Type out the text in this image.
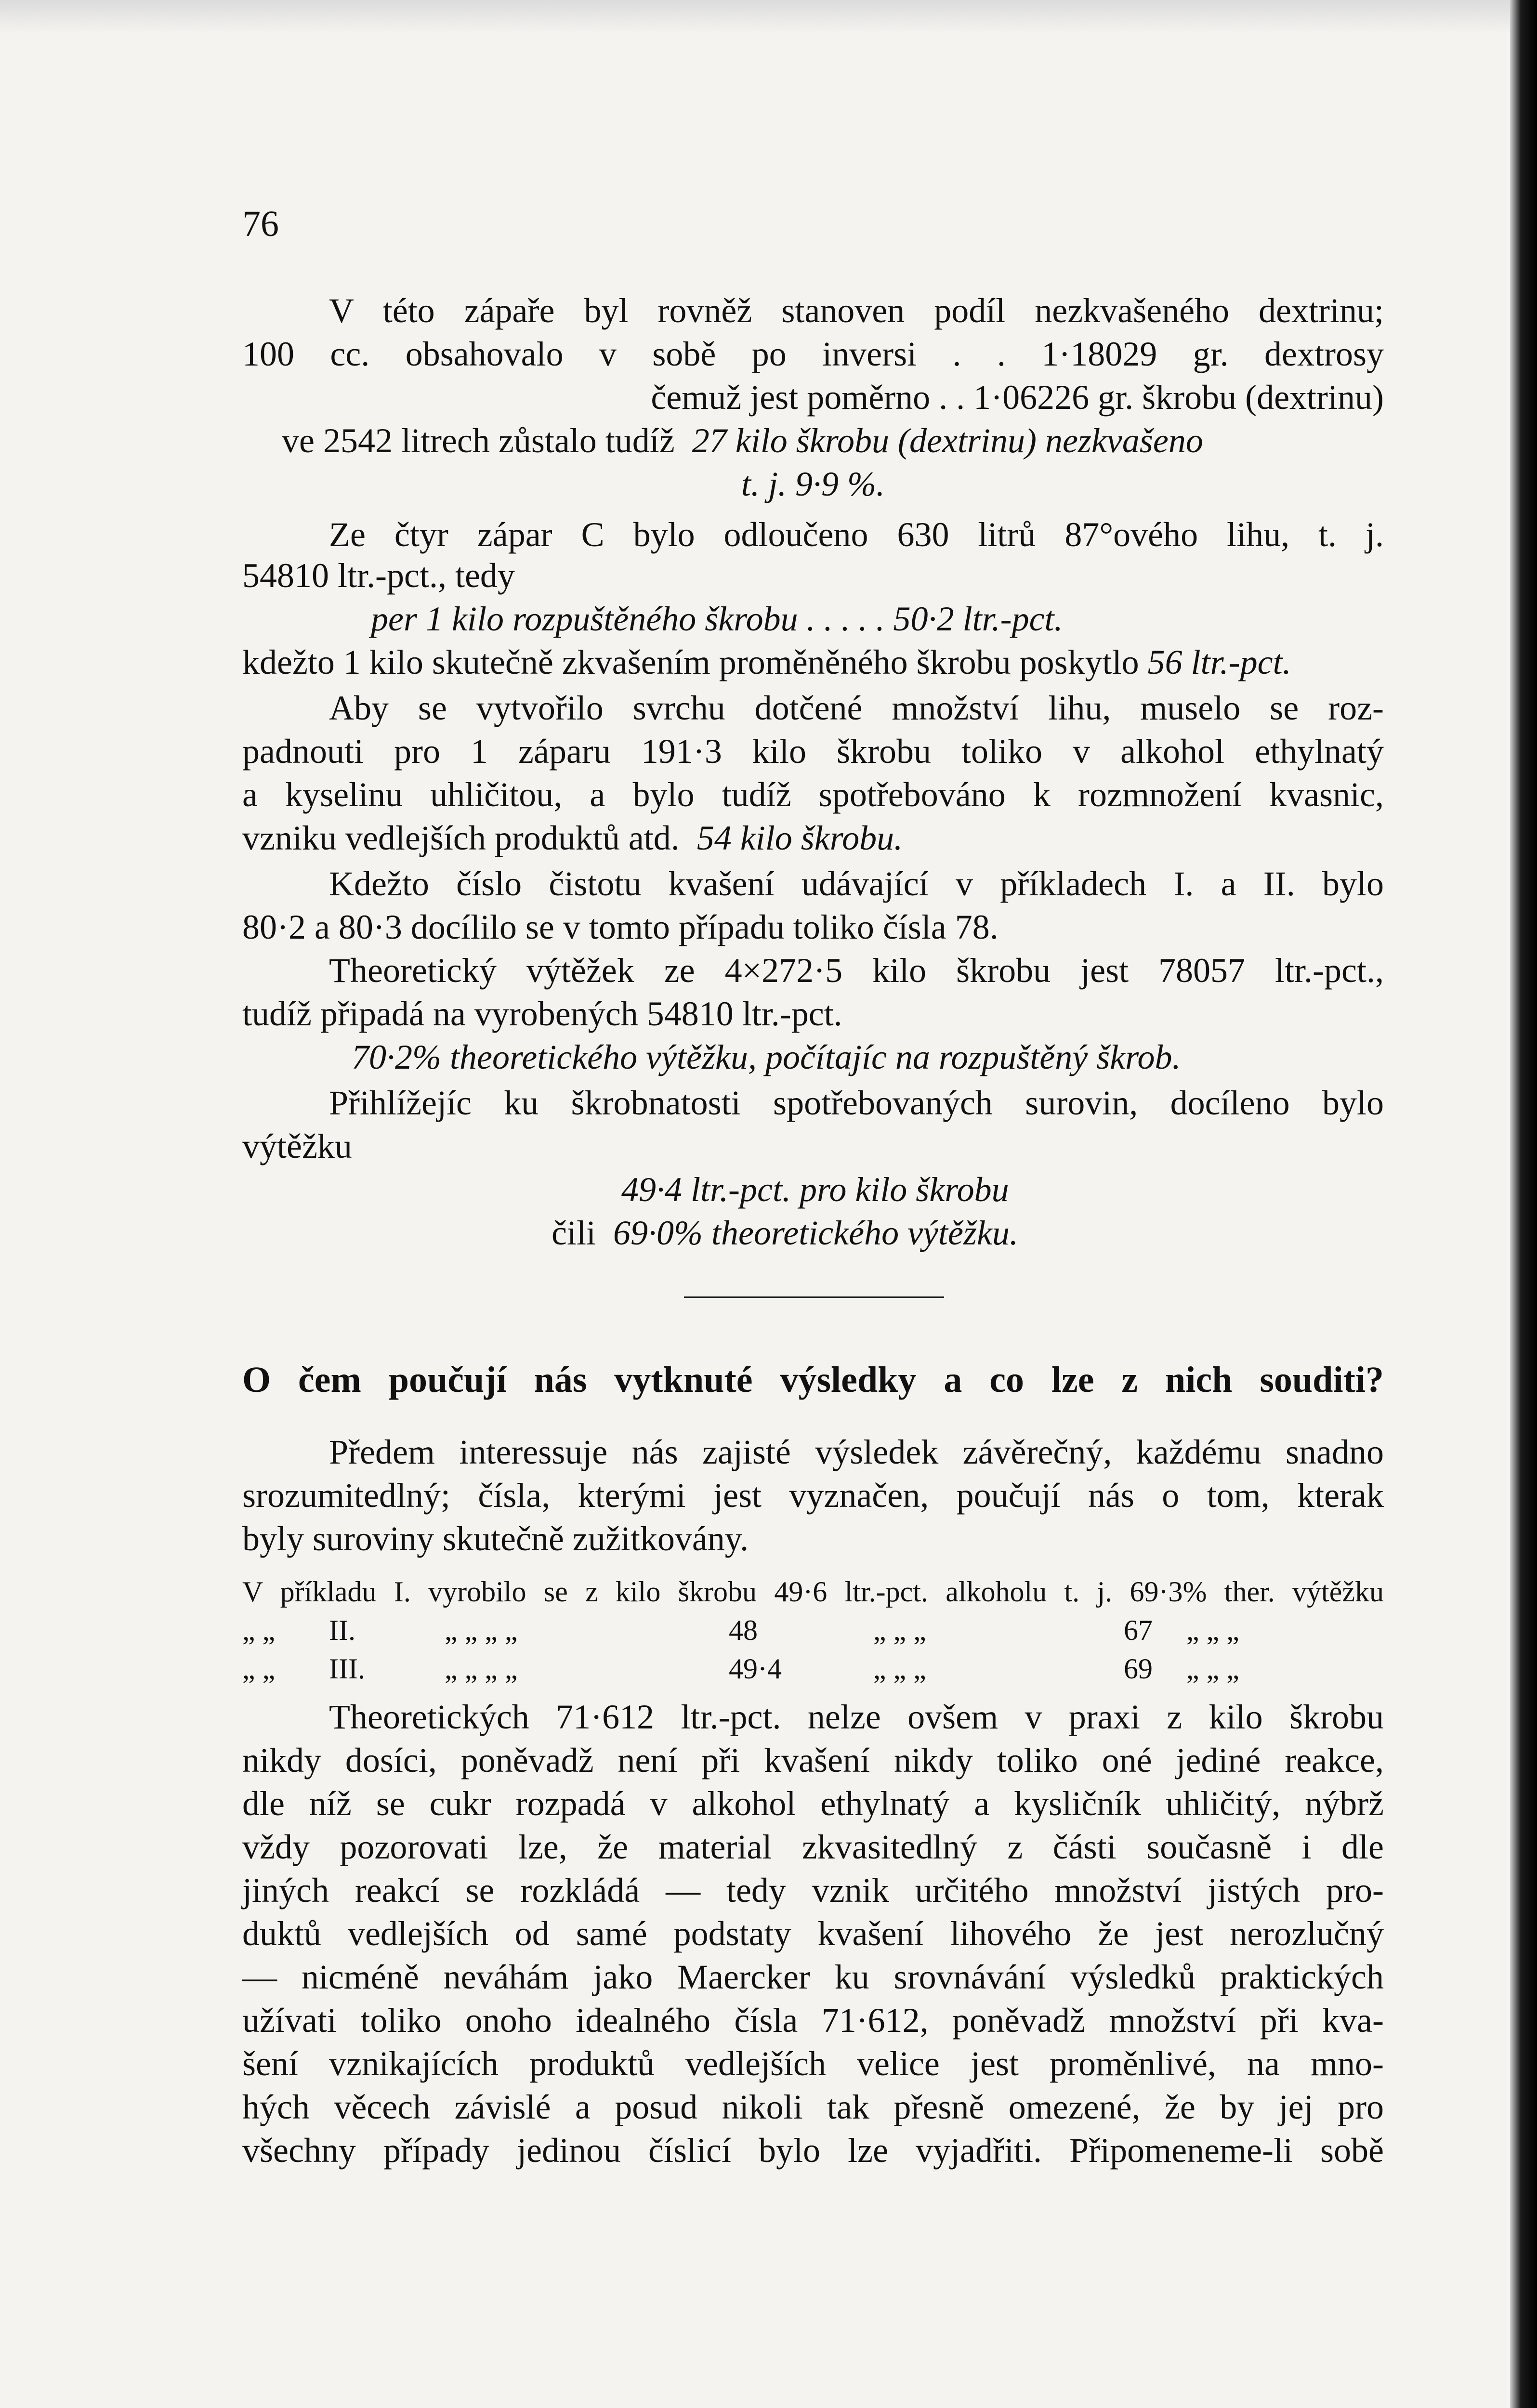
76
V této zápaře byl rovněž stanoven podíl nezkvašeného dextrinu;
100 cc. obsahovalo v sobě po inversi . . 1·18029 gr. dextrosy
čemuž jest poměrno . . 1·06226 gr. škrobu (dextrinu)
ve 2542 litrech zůstalo tudíž 27 kilo škrobu (dextrinu) nezkvašeno
t. j. 9·9 %.
Ze čtyr zápar C bylo odloučeno 630 litrů 87°ového lihu, t. j.
54810 ltr.-pct., tedy
per 1 kilo rozpuštěného škrobu . . . . . 50·2 ltr.-pct.
kdežto 1 kilo skutečně zkvašením proměněného škrobu poskytlo 56 ltr.-pct.
Aby se vytvořilo svrchu dotčené množství lihu, muselo se roz-
padnouti pro 1 záparu 191·3 kilo škrobu toliko v alkohol ethylnatý
a kyselinu uhličitou, a bylo tudíž spotřebováno k rozmnožení kvasnic,
vzniku vedlejších produktů atd. 54 kilo škrobu.
Kdežto číslo čistotu kvašení udávající v příkladech I. a II. bylo
80·2 a 80·3 docílilo se v tomto případu toliko čísla 78.
Theoretický výtěžek ze 4×272·5 kilo škrobu jest 78057 ltr.-pct.,
tudíž připadá na vyrobených 54810 ltr.-pct.
70·2% theoretického výtěžku, počítajíc na rozpuštěný škrob.
Přihlížejíc ku škrobnatosti spotřebovaných surovin, docíleno bylo
výtěžku
49·4 ltr.-pct. pro kilo škrobu
čili 69·0% theoretického výtěžku.
O čem poučují nás vytknuté výsledky a co lze z nich souditi?
Předem interessuje nás zajisté výsledek závěrečný, každému snadno
srozumitedlný; čísla, kterými jest vyznačen, poučují nás o tom, kterak
byly suroviny skutečně zužitkovány.
V příkladu I. vyrobilo se z kilo škrobu 49·6 ltr.-pct. alkoholu t. j. 69·3% ther. výtěžku
„ „ II.	„ „ „ „	48	„ „ „	67 „ „ „
„ „ III.	„ „ „ „	49·4	„ „ „	69 „ „ „
Theoretických 71·612 ltr.-pct. nelze ovšem v praxi z kilo škrobu
nikdy dosíci, poněvadž není při kvašení nikdy toliko oné jediné reakce,
dle níž se cukr rozpadá v alkohol ethylnatý a kysličník uhličitý, nýbrž
vždy pozorovati lze, že material zkvasitedlný z části současně i dle
jiných reakcí se rozkládá — tedy vznik určitého množství jistých pro-
duktů vedlejších od samé podstaty kvašení lihového že jest nerozlučný
— nicméně neváhám jako Maercker ku srovnávání výsledků praktických
užívati toliko onoho idealného čísla 71·612, poněvadž množství při kva-
šení vznikajících produktů vedlejších velice jest proměnlivé, na mno-
hých věcech závislé a posud nikoli tak přesně omezené, že by jej pro
všechny případy jedinou číslicí bylo lze vyjadřiti. Připomeneme-li sobě
